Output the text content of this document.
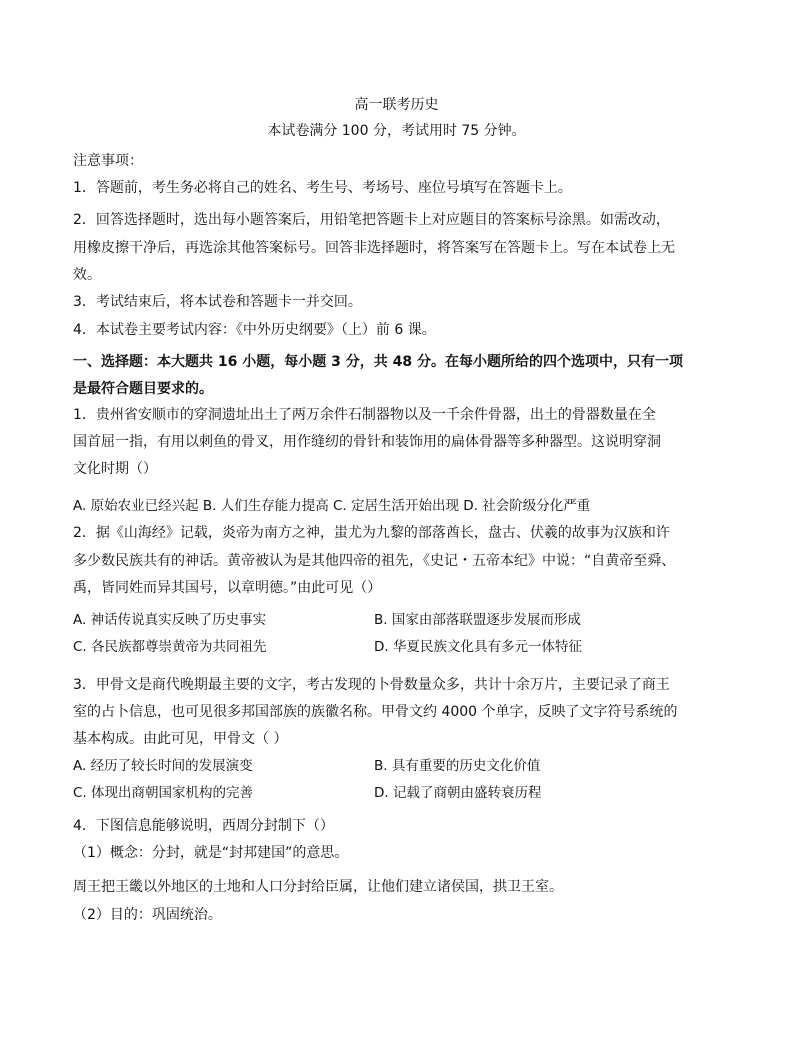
高一联考历史
本试卷满分 100 分，考试用时 75 分钟。
注意事项：
1．答题前，考生务必将自己的姓名、考生号、考场号、座位号填写在答题卡上。
2．回答选择题时，选出每小题答案后，用铅笔把答题卡上对应题目的答案标号涂黑。如需改动，
用橡皮擦干净后，再选涂其他答案标号。回答非选择题时，将答案写在答题卡上。写在本试卷上无
效。
3．考试结束后，将本试卷和答题卡一并交回。
4．本试卷主要考试内容：《中外历史纲要》（上）前 6 课。
一、选择题：本大题共 16 小题，每小题 3 分，共 48 分。在每小题所给的四个选项中，只有一项
是最符合题目要求的。
1．贵州省安顺市的穿洞遗址出土了两万余件石制器物以及一千余件骨器，出土的骨器数量在全
国首屈一指，有用以刺鱼的骨叉，用作缝纫的骨针和装饰用的扁体骨器等多种器型。这说明穿洞
文化时期（）
A. 原始农业已经兴起 B. 人们生存能力提高 C. 定居生活开始出现 D. 社会阶级分化严重
2．据《山海经》记载，炎帝为南方之神，蚩尤为九黎的部落酋长，盘古、伏羲的故事为汉族和许
多少数民族共有的神话。黄帝被认为是其他四帝的祖先，《史记・五帝本纪》中说：“自黄帝至舜、
禹，皆同姓而异其国号，以章明德。”由此可见（）
A. 神话传说真实反映了历史事实	B. 国家由部落联盟逐步发展而形成
C. 各民族都尊崇黄帝为共同祖先	D. 华夏民族文化具有多元一体特征
3．甲骨文是商代晚期最主要的文字，考古发现的卜骨数量众多，共计十余万片，主要记录了商王
室的占卜信息，也可见很多邦国部族的族徽名称。甲骨文约 4000 个单字，反映了文字符号系统的
基本构成。由此可见，甲骨文（ ）
A. 经历了较长时间的发展演变	B. 具有重要的历史文化价值
C. 体现出商朝国家机构的完善	D. 记载了商朝由盛转衰历程
4．下图信息能够说明，西周分封制下（）
（1）概念：分封，就是“封邦建国”的意思。
周王把王畿以外地区的土地和人口分封给臣属，让他们建立诸侯国，拱卫王室。
（2）目的：巩固统治。
